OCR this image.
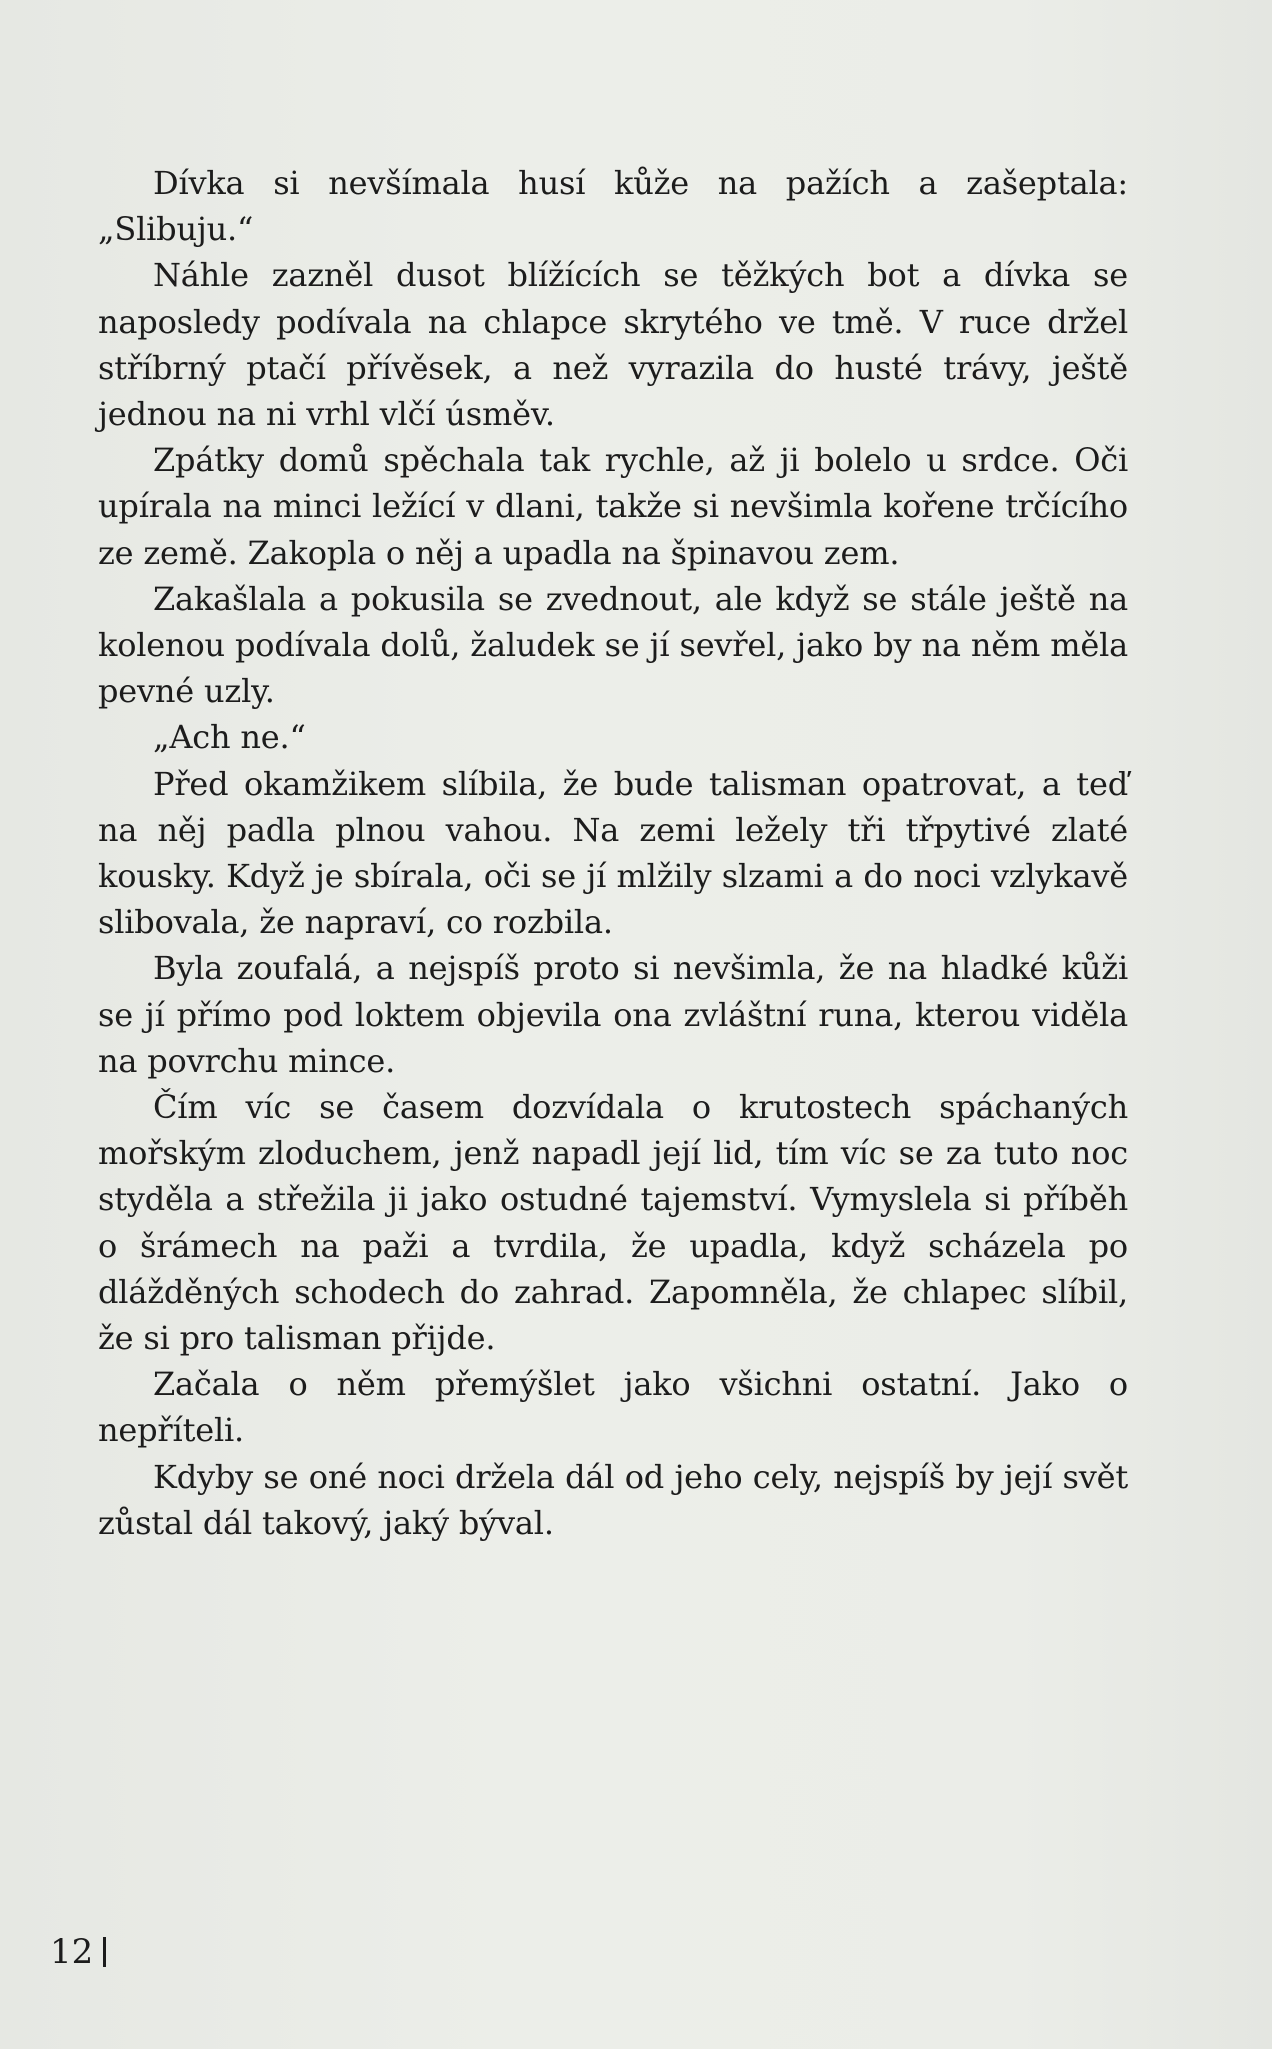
Dívka si nevšímala husí kůže na pažích a zašeptala: „Slibuju.“

Náhle zazněl dusot blížících se těžkých bot a dívka se naposledy podívala na chlapce skrytého ve tmě. V ruce držel stříbrný ptačí přívěsek, a než vyrazila do husté trávy, ještě jednou na ni vrhl vlčí úsměv.

Zpátky domů spěchala tak rychle, až ji bolelo u srdce. Oči upírala na minci ležící v dlani, takže si nevšimla kořene trčícího ze země. Zakopla o něj a upadla na špinavou zem.

Zakašlala a pokusila se zvednout, ale když se stále ještě na kolenou podívala dolů, žaludek se jí sevřel, jako by na něm měla pevné uzly.

„Ach ne.“

Před okamžikem slíbila, že bude talisman opatrovat, a teď na něj padla plnou vahou. Na zemi ležely tři třpytivé zlaté kousky. Když je sbírala, oči se jí mlžily slzami a do noci vzlykavě slibovala, že napraví, co rozbila.

Byla zoufalá, a nejspíš proto si nevšimla, že na hladké kůži se jí přímo pod loktem objevila ona zvláštní runa, kterou viděla na povrchu mince.

Čím víc se časem dozvídala o krutostech spáchaných mořským zloduchem, jenž napadl její lid, tím víc se za tuto noc styděla a střežila ji jako ostudné tajemství. Vymyslela si příběh o šrámech na paži a tvrdila, že upadla, když scházela po dlážděných schodech do zahrad. Zapomněla, že chlapec slíbil, že si pro talisman přijde.

Začala o něm přemýšlet jako všichni ostatní. Jako o nepříteli.

Kdyby se oné noci držela dál od jeho cely, nejspíš by její svět zůstal dál takový, jaký býval.

12
